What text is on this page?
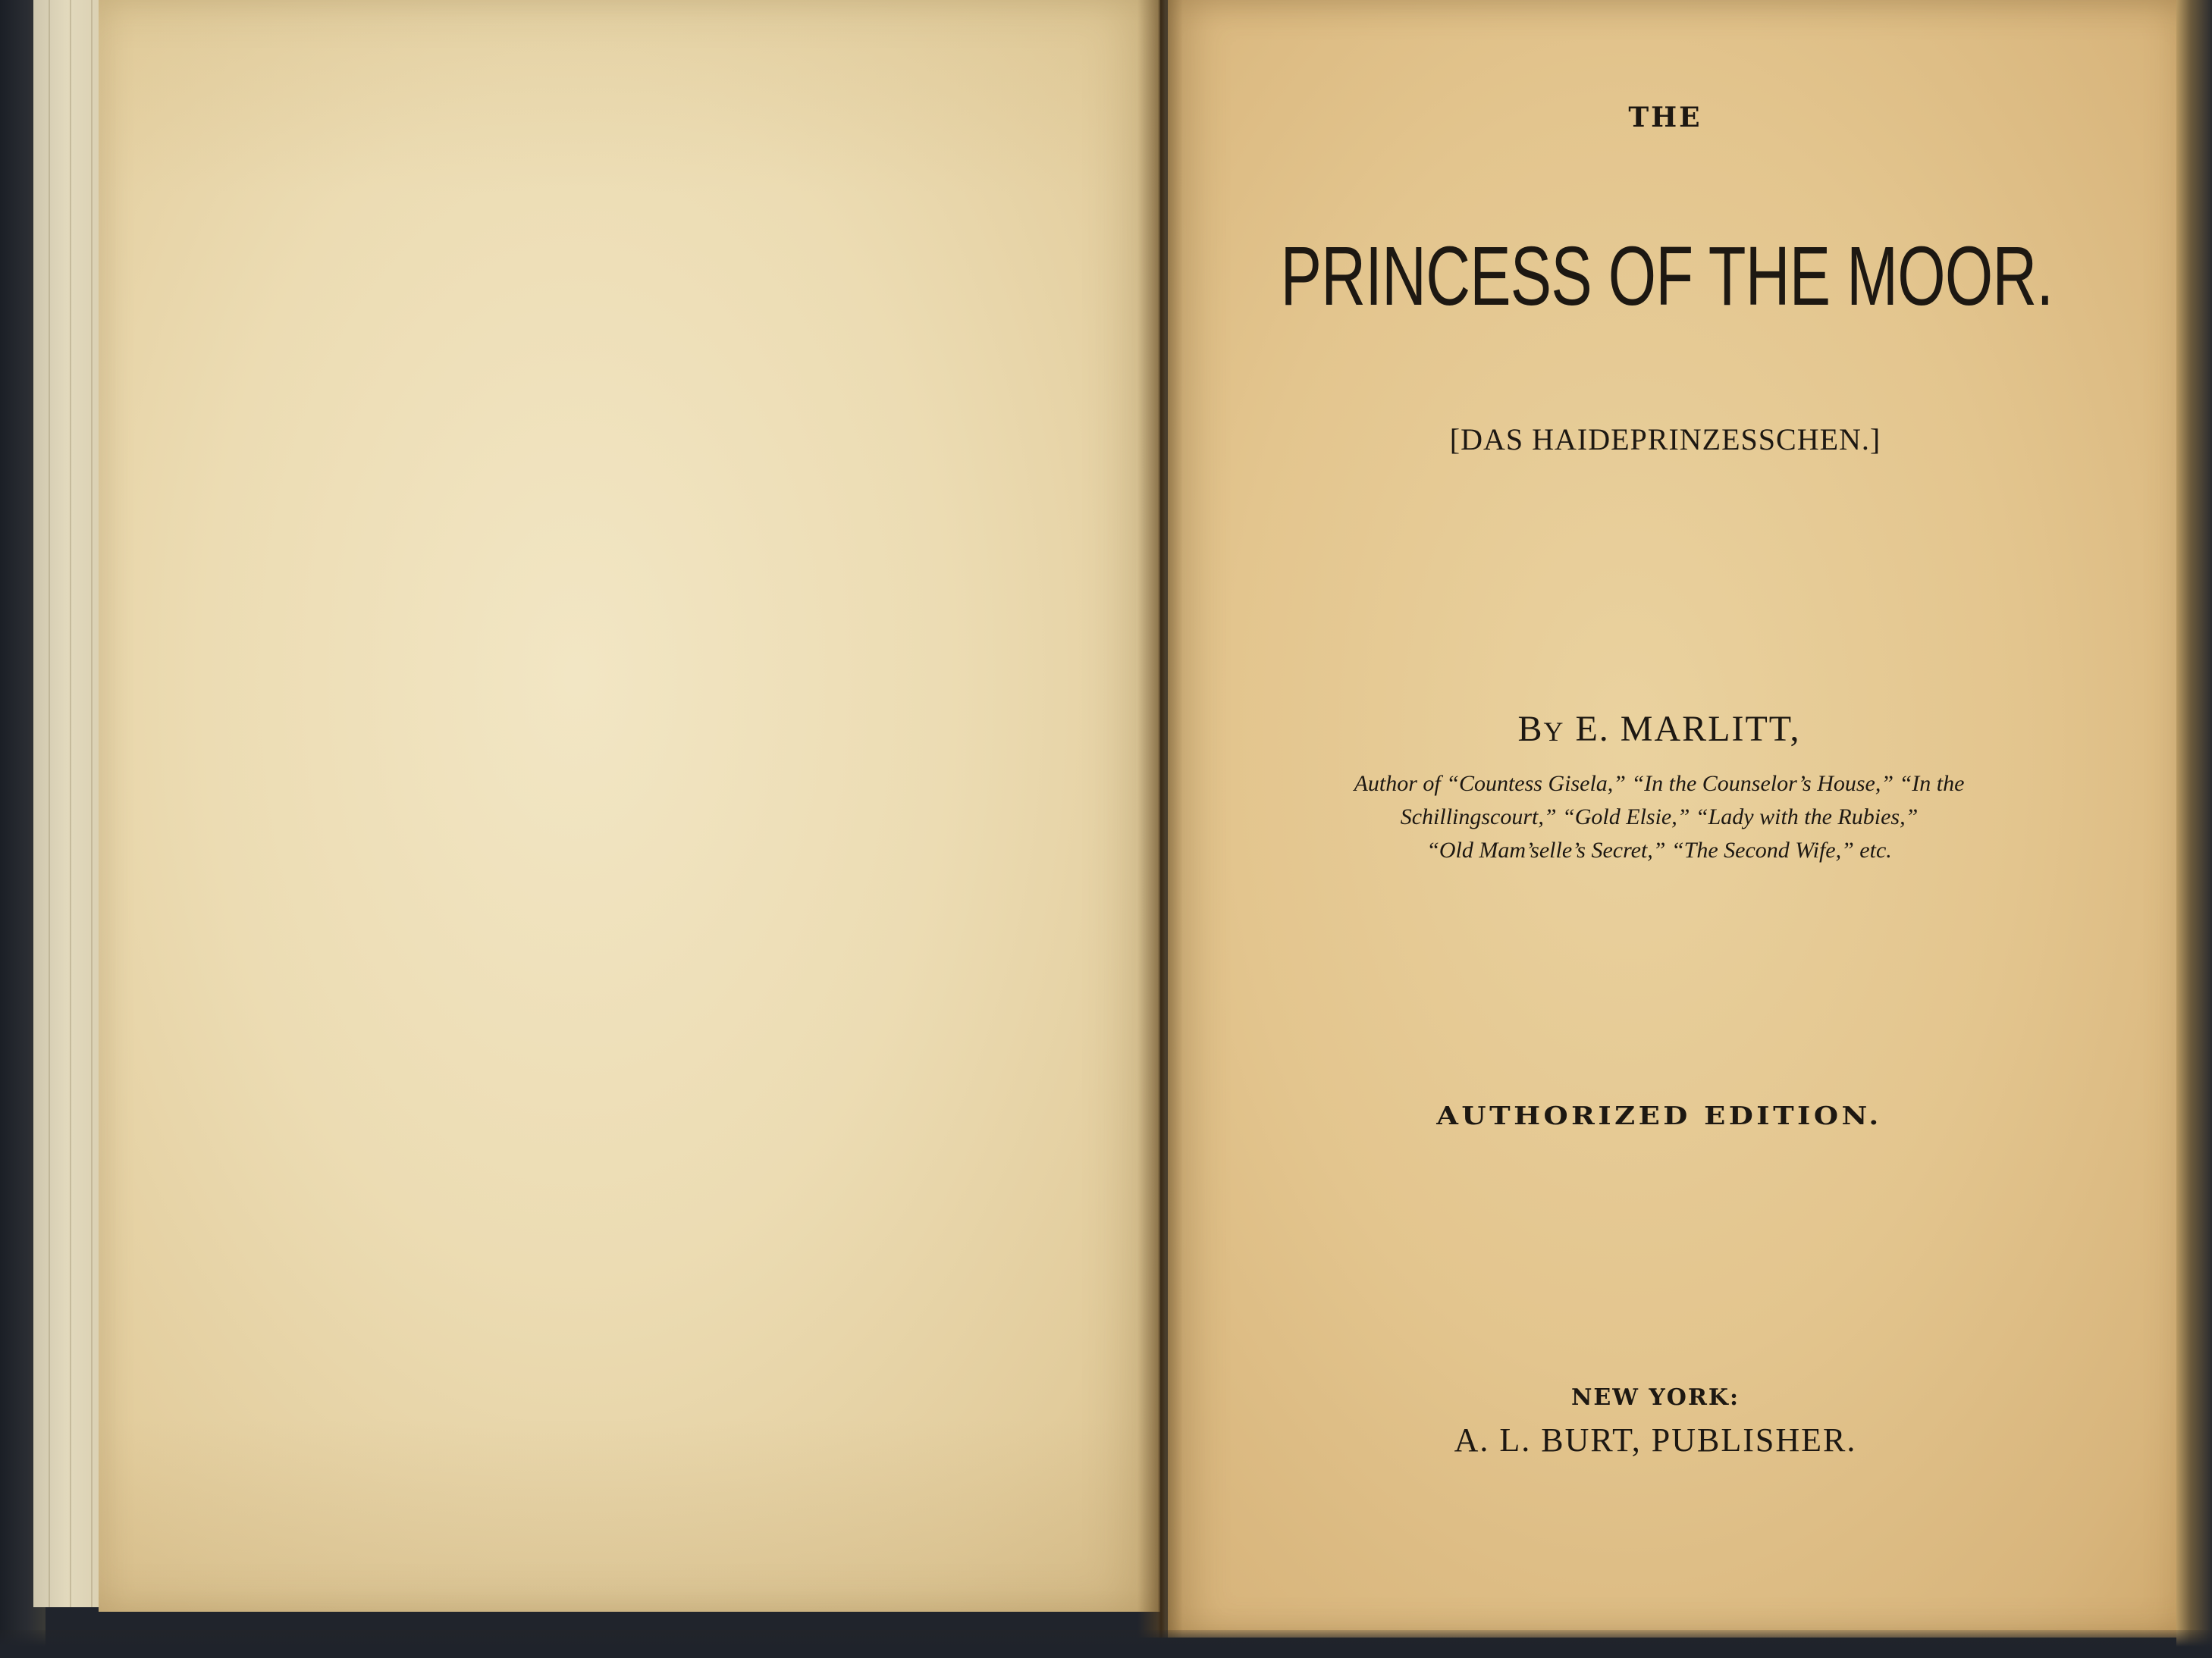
THE
PRINCESS OF THE MOOR.
[DAS HAIDEPRINZESSCHEN.]
BY E. MARLITT,
Author of “Countess Gisela,” “In the Counselor’s House,” “In the
Schillingscourt,” “Gold Elsie,” “Lady with the Rubies,”
“Old Mam’selle’s Secret,” “The Second Wife,” etc.
AUTHORIZED EDITION.
NEW YORK:
A. L. BURT, PUBLISHER.
